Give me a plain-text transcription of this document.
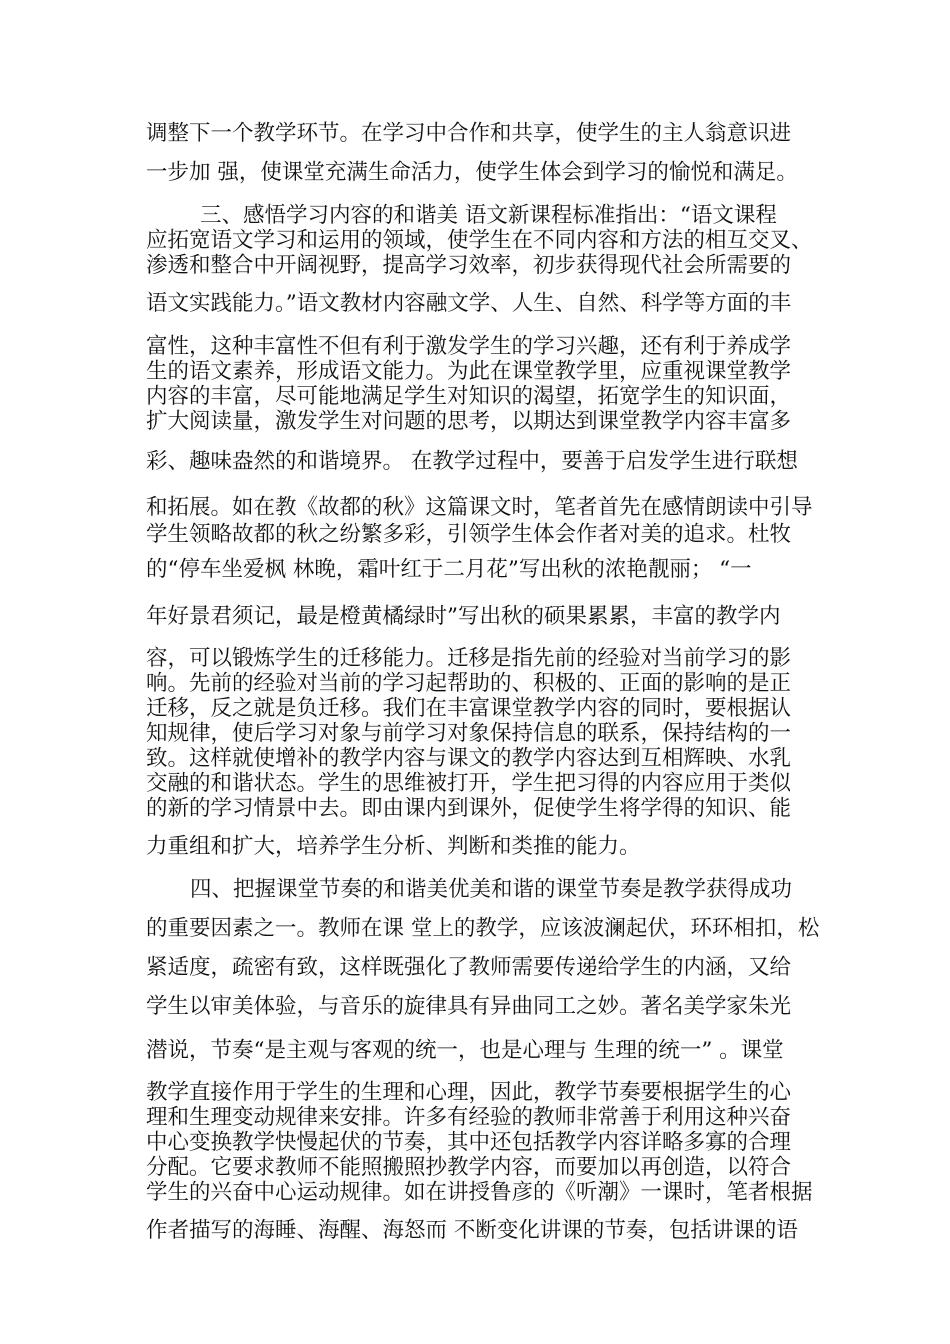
调整下一个教学环节。在学习中合作和共享，使学生的主人翁意识进
一步加 强，使课堂充满生命活力，使学生体会到学习的愉悦和满足。
三、感悟学习内容的和谐美 语文新课程标准指出：“语文课程
应拓宽语文学习和运用的领域，使学生在不同内容和方法的相互交叉、
渗透和整合中开阔视野，提高学习效率，初步获得现代社会所需要的
语文实践能力。”语文教材内容融文学、人生、自然、科学等方面的丰
富性，这种丰富性不但有利于激发学生的学习兴趣，还有利于养成学
生的语文素养，形成语文能力。为此在课堂教学里，应重视课堂教学
内容的丰富，尽可能地满足学生对知识的渴望，拓宽学生的知识面，
扩大阅读量，激发学生对问题的思考，以期达到课堂教学内容丰富多
彩、趣味盎然的和谐境界。 在教学过程中，要善于启发学生进行联想
和拓展。如在教《故都的秋》这篇课文时，笔者首先在感情朗读中引导
学生领略故都的秋之纷繁多彩，引领学生体会作者对美的追求。杜牧
的“停车坐爱枫 林晚，霜叶红于二月花”写出秋的浓艳靓丽； “一
年好景君须记，最是橙黄橘绿时”写出秋的硕果累累，丰富的教学内
容，可以锻炼学生的迁移能力。迁移是指先前的经验对当前学习的影
响。先前的经验对当前的学习起帮助的、积极的、正面的影响的是正
迁移，反之就是负迁移。我们在丰富课堂教学内容的同时，要根据认
知规律，使后学习对象与前学习对象保持信息的联系，保持结构的一
致。这样就使增补的教学内容与课文的教学内容达到互相辉映、水乳
交融的和谐状态。学生的思维被打开，学生把习得的内容应用于类似
的新的学习情景中去。即由课内到课外，促使学生将学得的知识、能
力重组和扩大，培养学生分析、判断和类推的能力。
四、把握课堂节奏的和谐美优美和谐的课堂节奏是教学获得成功
的重要因素之一。教师在课 堂上的教学，应该波澜起伏，环环相扣，松
紧适度，疏密有致，这样既强化了教师需要传递给学生的内涵，又给
学生以审美体验，与音乐的旋律具有异曲同工之妙。著名美学家朱光
潜说，节奏“是主观与客观的统一，也是心理与 生理的统一” 。课堂
教学直接作用于学生的生理和心理，因此，教学节奏要根据学生的心
理和生理变动规律来安排。许多有经验的教师非常善于利用这种兴奋
中心变换教学快慢起伏的节奏，其中还包括教学内容详略多寡的合理
分配。它要求教师不能照搬照抄教学内容，而要加以再创造，以符合
学生的兴奋中心运动规律。如在讲授鲁彦的《听潮》一课时，笔者根据
作者描写的海睡、海醒、海怒而 不断变化讲课的节奏，包括讲课的语
